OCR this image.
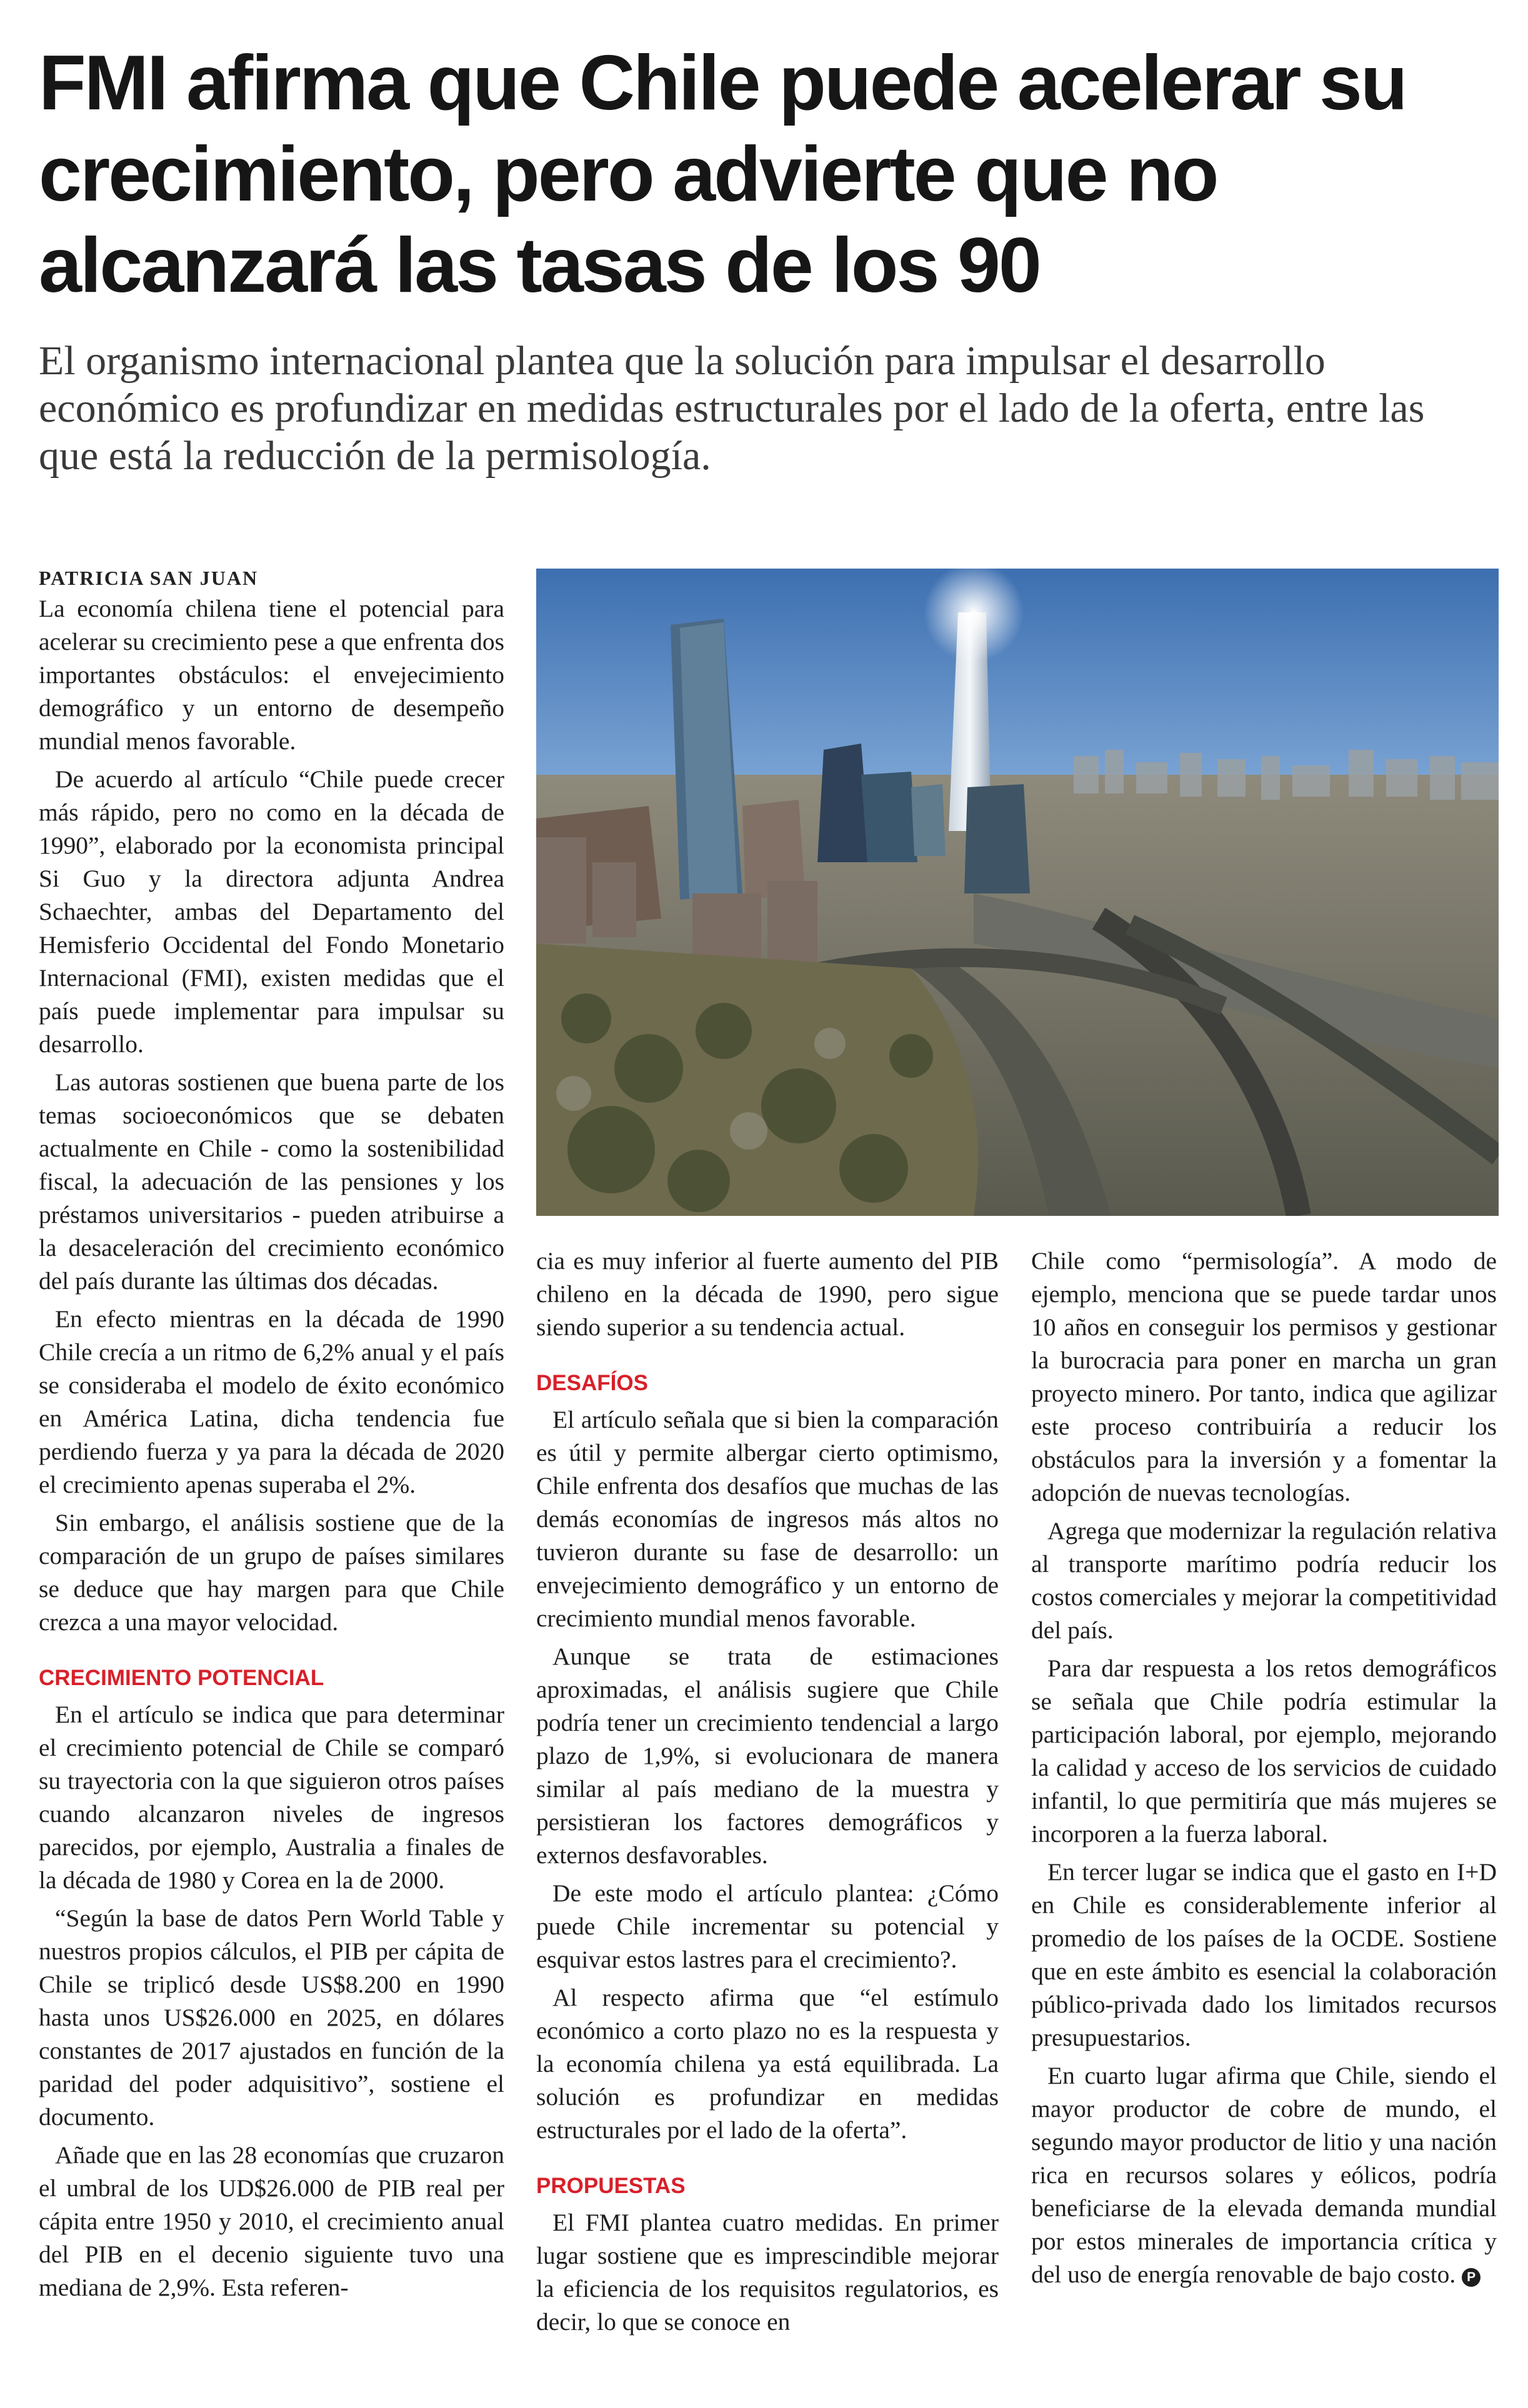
FMI afirma que Chile puede acelerar su crecimiento, pero advierte que no alcanzará las tasas de los 90

El organismo internacional plantea que la solución para impulsar el desarrollo económico es profundizar en medidas estructurales por el lado de la oferta, entre las que está la reducción de la permisología.

PATRICIA SAN JUAN

La economía chilena tiene el potencial para acelerar su crecimiento pese a que enfrenta dos importantes obstáculos: el envejecimiento demográfico y un entorno de desempeño mundial menos favorable.

De acuerdo al artículo “Chile puede crecer más rápido, pero no como en la década de 1990”, elaborado por la economista principal Si Guo y la directora adjunta Andrea Schaechter, ambas del Departamento del Hemisferio Occidental del Fondo Monetario Internacional (FMI), existen medidas que el país puede implementar para impulsar su desarrollo.

Las autoras sostienen que buena parte de los temas socioeconómicos que se debaten actualmente en Chile - como la sostenibilidad fiscal, la adecuación de las pensiones y los préstamos universitarios - pueden atribuirse a la desaceleración del crecimiento económico del país durante las últimas dos décadas.

En efecto mientras en la década de 1990 Chile crecía a un ritmo de 6,2% anual y el país se consideraba el modelo de éxito económico en América Latina, dicha tendencia fue perdiendo fuerza y ya para la década de 2020 el crecimiento apenas superaba el 2%.

Sin embargo, el análisis sostiene que de la comparación de un grupo de países similares se deduce que hay margen para que Chile crezca a una mayor velocidad.

CRECIMIENTO POTENCIAL

En el artículo se indica que para determinar el crecimiento potencial de Chile se comparó su trayectoria con la que siguieron otros países cuando alcanzaron niveles de ingresos parecidos, por ejemplo, Australia a finales de la década de 1980 y Corea en la de 2000.

“Según la base de datos Pern World Table y nuestros propios cálculos, el PIB per cápita de Chile se triplicó desde US$8.200 en 1990 hasta unos US$26.000 en 2025, en dólares constantes de 2017 ajustados en función de la paridad del poder adquisitivo”, sostiene el documento.

Añade que en las 28 economías que cruzaron el umbral de los UD$26.000 de PIB real per cápita entre 1950 y 2010, el crecimiento anual del PIB en el decenio siguiente tuvo una mediana de 2,9%. Esta referen-

cia es muy inferior al fuerte aumento del PIB chileno en la década de 1990, pero sigue siendo superior a su tendencia actual.

DESAFÍOS

El artículo señala que si bien la comparación es útil y permite albergar cierto optimismo, Chile enfrenta dos desafíos que muchas de las demás economías de ingresos más altos no tuvieron durante su fase de desarrollo: un envejecimiento demográfico y un entorno de crecimiento mundial menos favorable.

Aunque se trata de estimaciones aproximadas, el análisis sugiere que Chile podría tener un crecimiento tendencial a largo plazo de 1,9%, si evolucionara de manera similar al país mediano de la muestra y persistieran los factores demográficos y externos desfavorables.

De este modo el artículo plantea: ¿Cómo puede Chile incrementar su potencial y esquivar estos lastres para el crecimiento?.

Al respecto afirma que “el estímulo económico a corto plazo no es la respuesta y la economía chilena ya está equilibrada. La solución es profundizar en medidas estructurales por el lado de la oferta”.

PROPUESTAS

El FMI plantea cuatro medidas. En primer lugar sostiene que es imprescindible mejorar la eficiencia de los requisitos regulatorios, es decir, lo que se conoce en

Chile como “permisología”. A modo de ejemplo, menciona que se puede tardar unos 10 años en conseguir los permisos y gestionar la burocracia para poner en marcha un gran proyecto minero. Por tanto, indica que agilizar este proceso contribuiría a reducir los obstáculos para la inversión y a fomentar la adopción de nuevas tecnologías.

Agrega que modernizar la regulación relativa al transporte marítimo podría reducir los costos comerciales y mejorar la competitividad del país.

Para dar respuesta a los retos demográficos se señala que Chile podría estimular la participación laboral, por ejemplo, mejorando la calidad y acceso de los servicios de cuidado infantil, lo que permitiría que más mujeres se incorporen a la fuerza laboral.

En tercer lugar se indica que el gasto en I+D en Chile es considerablemente inferior al promedio de los países de la OCDE. Sostiene que en este ámbito es esencial la colaboración público-privada dado los limitados recursos presupuestarios.

En cuarto lugar afirma que Chile, siendo el mayor productor de cobre de mundo, el segundo mayor productor de litio y una nación rica en recursos solares y eólicos, podría beneficiarse de la elevada demanda mundial por estos minerales de importancia crítica y del uso de energía renovable de bajo costo. P
